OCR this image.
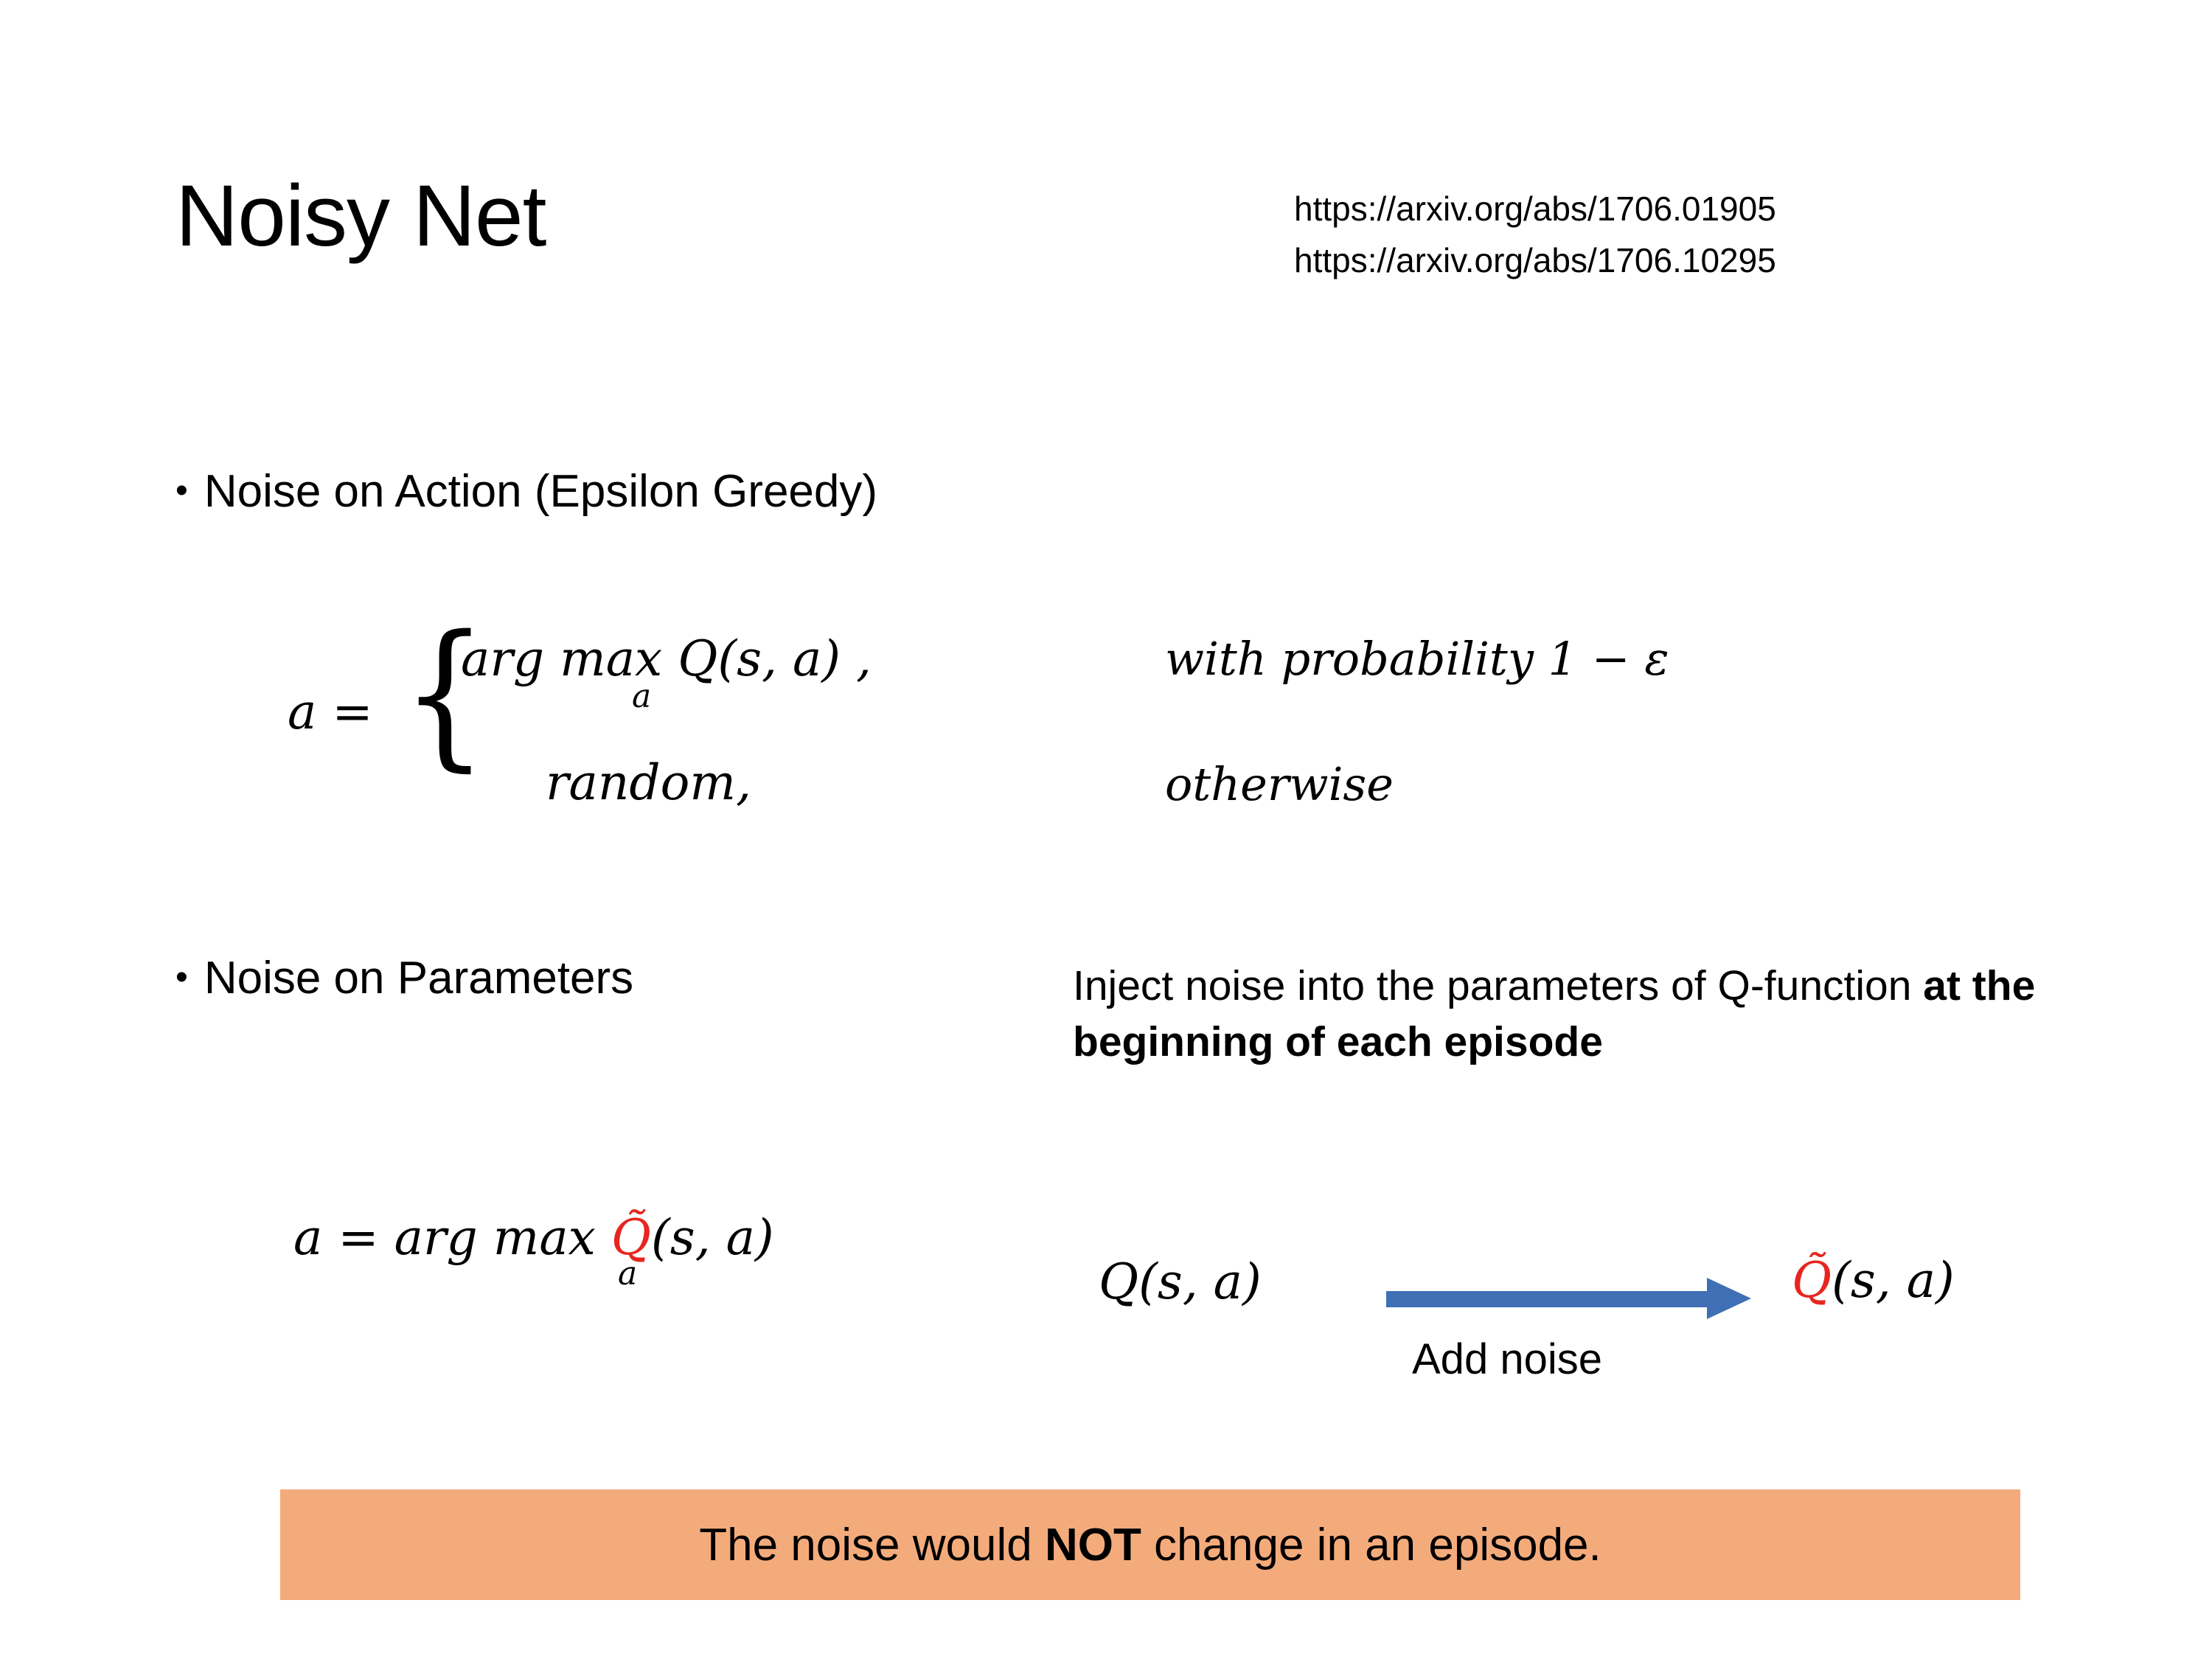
Noisy Net	https://arxiv.org/abs/1706.01905
https://arxiv.org/abs/1706.10295
• Noise on Action (Epsilon Greedy)
a = {
arg max Q(s, a) ,
a
random,
with probability 1 − ε
otherwise
• Noise on Parameters
a = arg max Q̃(s, a)
a
Inject noise into the parameters of Q-function at the beginning of each episode
Q(s, a)	Q̃(s, a)
Add noise
The noise would NOT change in an episode.
